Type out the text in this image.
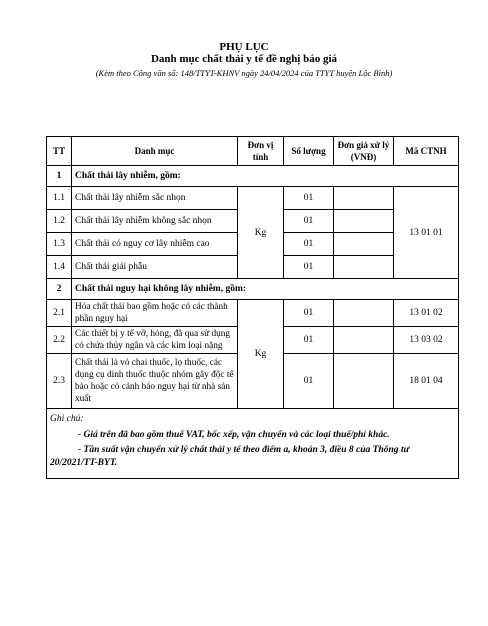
PHỤ LỤC
Danh mục chất thải y tế đề nghị báo giá
(Kèm theo Công văn số: 148/TTYT-KHNV ngày 24/04/2024 của TTYT huyện Lộc Bình)
TT	Danh mục	Đơn vị tính	Số lượng	Đơn giá xử lý (VNĐ)	Mã CTNH
1	Chất thải lây nhiễm, gồm:				
1.1	Chất thải lây nhiễm sắc nhọn	Kg	01		13 01 01
1.2	Chất thải lây nhiễm không sắc nhọn		01		
1.3	Chất thải có nguy cơ lây nhiễm cao		01		
1.4	Chất thải giải phẫu		01		
2	Chất thải nguy hại không lây nhiễm, gồm:				
2.1	Hóa chất thải bao gồm hoặc có các thành phần nguy hại	Kg	01		13 01 02
2.2	Các thiết bị y tế vỡ, hỏng, đã qua sử dụng có chứa thủy ngân và các kim loại nặng		01		13 03 02
2.3	Chất thải là vỏ chai thuốc, lọ thuốc, các dụng cụ dính thuốc thuộc nhóm gây độc tế bào hoặc có cảnh báo nguy hại từ nhà sản xuất		01		18 01 04

Ghi chú:
- Giá trên đã bao gồm thuế VAT, bốc xếp, vận chuyển và các loại thuế/phí khác.
- Tần suất vận chuyển xử lý chất thải y tế theo điểm a, khoản 3, điều 8 của Thông tư 20/2021/TT-BYT.					
